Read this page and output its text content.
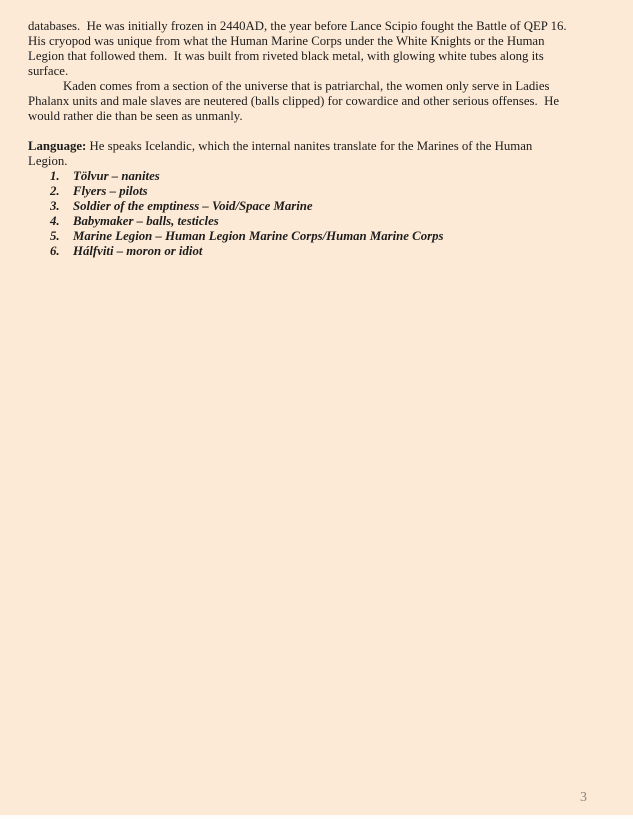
databases.  He was initially frozen in 2440AD, the year before Lance Scipio fought the Battle of QEP 16.
His cryopod was unique from what the Human Marine Corps under the White Knights or the Human
Legion that followed them.  It was built from riveted black metal, with glowing white tubes along its
surface.
Kaden comes from a section of the universe that is patriarchal, the women only serve in Ladies
Phalanx units and male slaves are neutered (balls clipped) for cowardice and other serious offenses.  He
would rather die than be seen as unmanly.
Language: He speaks Icelandic, which the internal nanites translate for the Marines of the Human
Legion.
1. Tölvur – nanites
2. Flyers – pilots
3. Soldier of the emptiness – Void/Space Marine
4. Babymaker – balls, testicles
5. Marine Legion – Human Legion Marine Corps/Human Marine Corps
6. Hálfviti – moron or idiot
3
